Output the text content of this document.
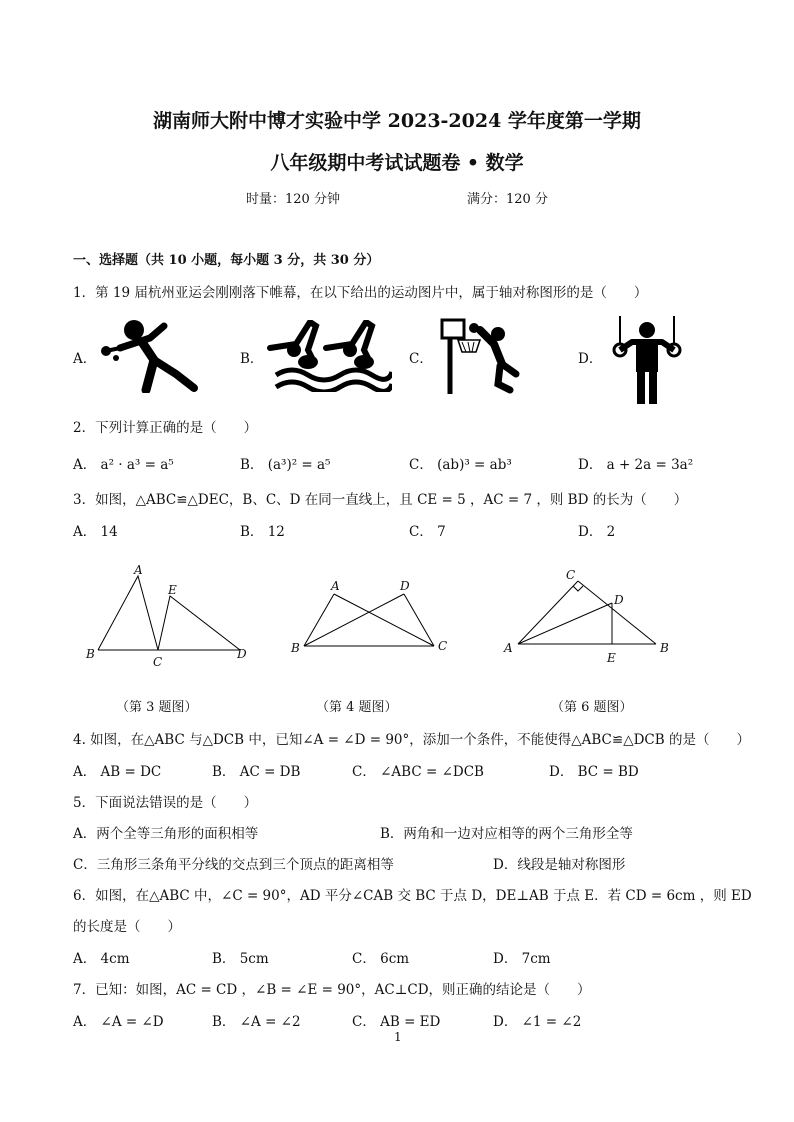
湖南师大附中博才实验中学 2023-2024 学年度第一学期
八年级期中考试试题卷 • 数学
时量：120 分钟	满分：120 分
一、选择题（共 10 小题，每小题 3 分，共 30 分）
1．第 19 届杭州亚运会刚刚落下帷幕，在以下给出的运动图片中，属于轴对称图形的是（　　）
A．	B．	C．	D．
2．下列计算正确的是（　　）
A． a² · a³ = a⁵	B． (a³)² = a⁵	C． (ab)³ = ab³	D． a + 2a = 3a²
3．如图，△ABC≌△DEC，B、C、D 在同一直线上，且 CE = 5 ，AC = 7 ，则 BD 的长为（　　）
A． 14	B． 12	C． 7	D． 2
A
E
B
C
D
（第 3 题图）
A	D
B	C
（第 4 题图）
C
D
A
E
B
（第 6 题图）
4. 如图，在△ABC 与△DCB 中，已知∠A = ∠D = 90°，添加一个条件，不能使得△ABC≌△DCB 的是（　　）
A． AB = DC	B． AC = DB	C． ∠ABC = ∠DCB	D． BC = BD
5．下面说法错误的是（　　）
A．两个全等三角形的面积相等	B．两角和一边对应相等的两个三角形全等
C．三角形三条角平分线的交点到三个顶点的距离相等	D．线段是轴对称图形
6．如图，在△ABC 中，∠C = 90°，AD 平分∠CAB 交 BC 于点 D，DE⊥AB 于点 E．若 CD = 6cm ，则 ED
的长度是（　　）
A． 4cm	B． 5cm	C． 6cm	D． 7cm
7．已知：如图，AC = CD ，∠B = ∠E = 90°，AC⊥CD，则正确的结论是（　　）
A． ∠A = ∠D	B． ∠A = ∠2	C． AB = ED	D． ∠1 = ∠2
1
